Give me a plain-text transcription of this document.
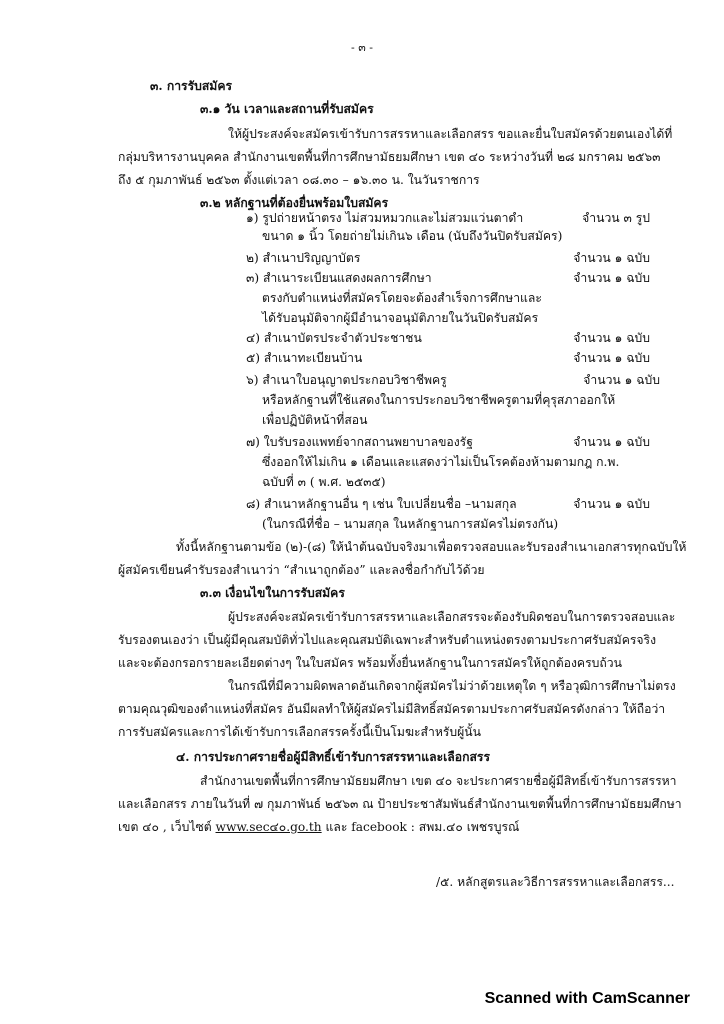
- ๓ -
๓. การรับสมัคร
๓.๑ วัน เวลาและสถานที่รับสมัคร
ให้ผู้ประสงค์จะสมัครเข้ารับการสรรหาและเลือกสรร ขอและยื่นใบสมัครด้วยตนเองได้ที่
กลุ่มบริหารงานบุคคล สำนักงานเขตพื้นที่การศึกษามัธยมศึกษา เขต ๔๐ ระหว่างวันที่ ๒๘ มกราคม ๒๕๖๓
ถึง ๕ กุมภาพันธ์ ๒๕๖๓ ตั้งแต่เวลา ๐๘.๓๐ – ๑๖.๓๐ น. ในวันราชการ
๓.๒ หลักฐานที่ต้องยื่นพร้อมใบสมัคร
๑) รูปถ่ายหน้าตรง ไม่สวมหมวกและไม่สวมแว่นตาดำ	จำนวน ๓ รูป
ขนาด ๑ นิ้ว โดยถ่ายไม่เกิน๖ เดือน (นับถึงวันปิดรับสมัคร)
๒) สำเนาปริญญาบัตร	จำนวน ๑ ฉบับ
๓) สำเนาระเบียนแสดงผลการศึกษา	จำนวน ๑ ฉบับ
ตรงกับตำแหน่งที่สมัครโดยจะต้องสำเร็จการศึกษาและ
ได้รับอนุมัติจากผู้มีอำนาจอนุมัติภายในวันปิดรับสมัคร
๔) สำเนาบัตรประจำตัวประชาชน	จำนวน ๑ ฉบับ
๕) สำเนาทะเบียนบ้าน	จำนวน ๑ ฉบับ
๖) สำเนาใบอนุญาตประกอบวิชาชีพครู	จำนวน ๑ ฉบับ
หรือหลักฐานที่ใช้แสดงในการประกอบวิชาชีพครูตามที่คุรุสภาออกให้
เพื่อปฏิบัติหน้าที่สอน
๗) ใบรับรองแพทย์จากสถานพยาบาลของรัฐ	จำนวน ๑ ฉบับ
ซึ่งออกให้ไม่เกิน ๑ เดือนและแสดงว่าไม่เป็นโรคต้องห้ามตามกฎ ก.พ.
ฉบับที่ ๓ ( พ.ศ. ๒๕๓๕)
๘) สำเนาหลักฐานอื่น ๆ เช่น ใบเปลี่ยนชื่อ –นามสกุล	จำนวน ๑ ฉบับ
(ในกรณีที่ชื่อ – นามสกุล ในหลักฐานการสมัครไม่ตรงกัน)
ทั้งนี้หลักฐานตามข้อ (๒)-(๘) ให้นำต้นฉบับจริงมาเพื่อตรวจสอบและรับรองสำเนาเอกสารทุกฉบับให้
ผู้สมัครเขียนคำรับรองสำเนาว่า “สำเนาถูกต้อง” และลงชื่อกำกับไว้ด้วย
๓.๓ เงื่อนไขในการรับสมัคร
ผู้ประสงค์จะสมัครเข้ารับการสรรหาและเลือกสรรจะต้องรับผิดชอบในการตรวจสอบและ
รับรองตนเองว่า เป็นผู้มีคุณสมบัติทั่วไปและคุณสมบัติเฉพาะสำหรับตำแหน่งตรงตามประกาศรับสมัครจริง
และจะต้องกรอกรายละเอียดต่างๆ ในใบสมัคร พร้อมทั้งยื่นหลักฐานในการสมัครให้ถูกต้องครบถ้วน
ในกรณีที่มีความผิดพลาดอันเกิดจากผู้สมัครไม่ว่าด้วยเหตุใด ๆ หรือวุฒิการศึกษาไม่ตรง
ตามคุณวุฒิของตำแหน่งที่สมัคร อันมีผลทำให้ผู้สมัครไม่มีสิทธิ์สมัครตามประกาศรับสมัครดังกล่าว ให้ถือว่า
การรับสมัครและการได้เข้ารับการเลือกสรรครั้งนี้เป็นโมฆะสำหรับผู้นั้น
๔. การประกาศรายชื่อผู้มีสิทธิ์เข้ารับการสรรหาและเลือกสรร
สำนักงานเขตพื้นที่การศึกษามัธยมศึกษา เขต ๔๐ จะประกาศรายชื่อผู้มีสิทธิ์เข้ารับการสรรหา
และเลือกสรร ภายในวันที่ ๗ กุมภาพันธ์ ๒๕๖๓ ณ ป้ายประชาสัมพันธ์สำนักงานเขตพื้นที่การศึกษามัธยมศึกษา
เขต ๔๐ , เว็บไซต์ www.sec๔๐.go.th และ facebook : สพม.๔๐ เพชรบูรณ์
/๕. หลักสูตรและวิธีการสรรหาและเลือกสรร...
Scanned with CamScanner
